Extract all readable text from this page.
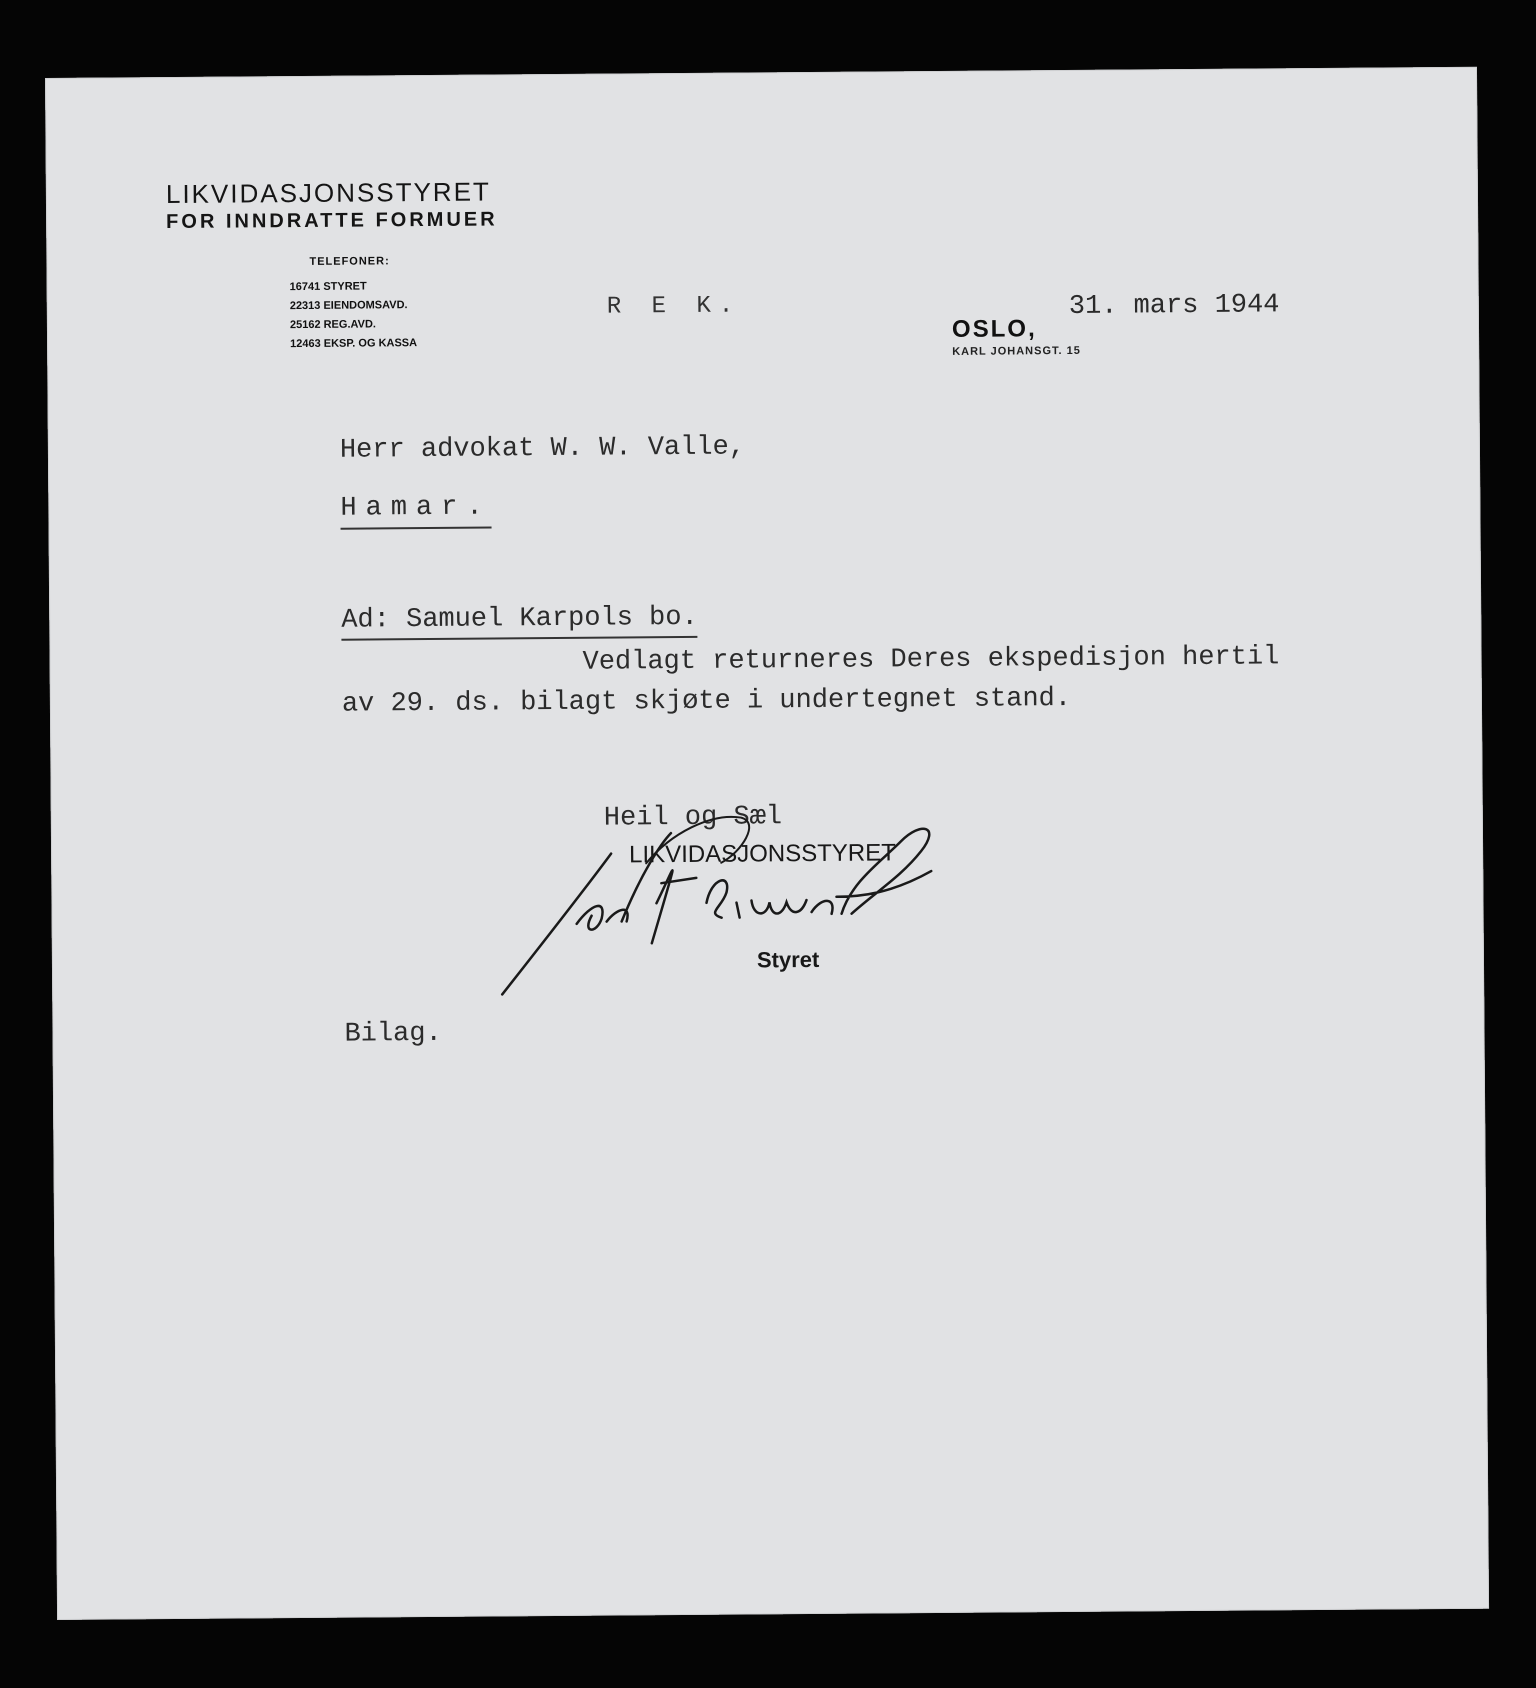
LIKVIDASJONSSTYRET
FOR INNDRATTE FORMUER
TELEFONER:
16741 STYRET
22313 EIENDOMSAVD.
25162 REG.AVD.
12463 EKSP. OG KASSA
R E K.
OSLO,
31. mars 1944
KARL JOHANSGT. 15
Herr advokat W. W. Valle,
Hamar.
Ad: Samuel Karpols bo.
Vedlagt returneres Deres ekspedisjon hertil
av 29. ds. bilagt skjøte i undertegnet stand.
Heil og Sæl
LIKVIDASJONSSTYRET
Styret
Bilag.
